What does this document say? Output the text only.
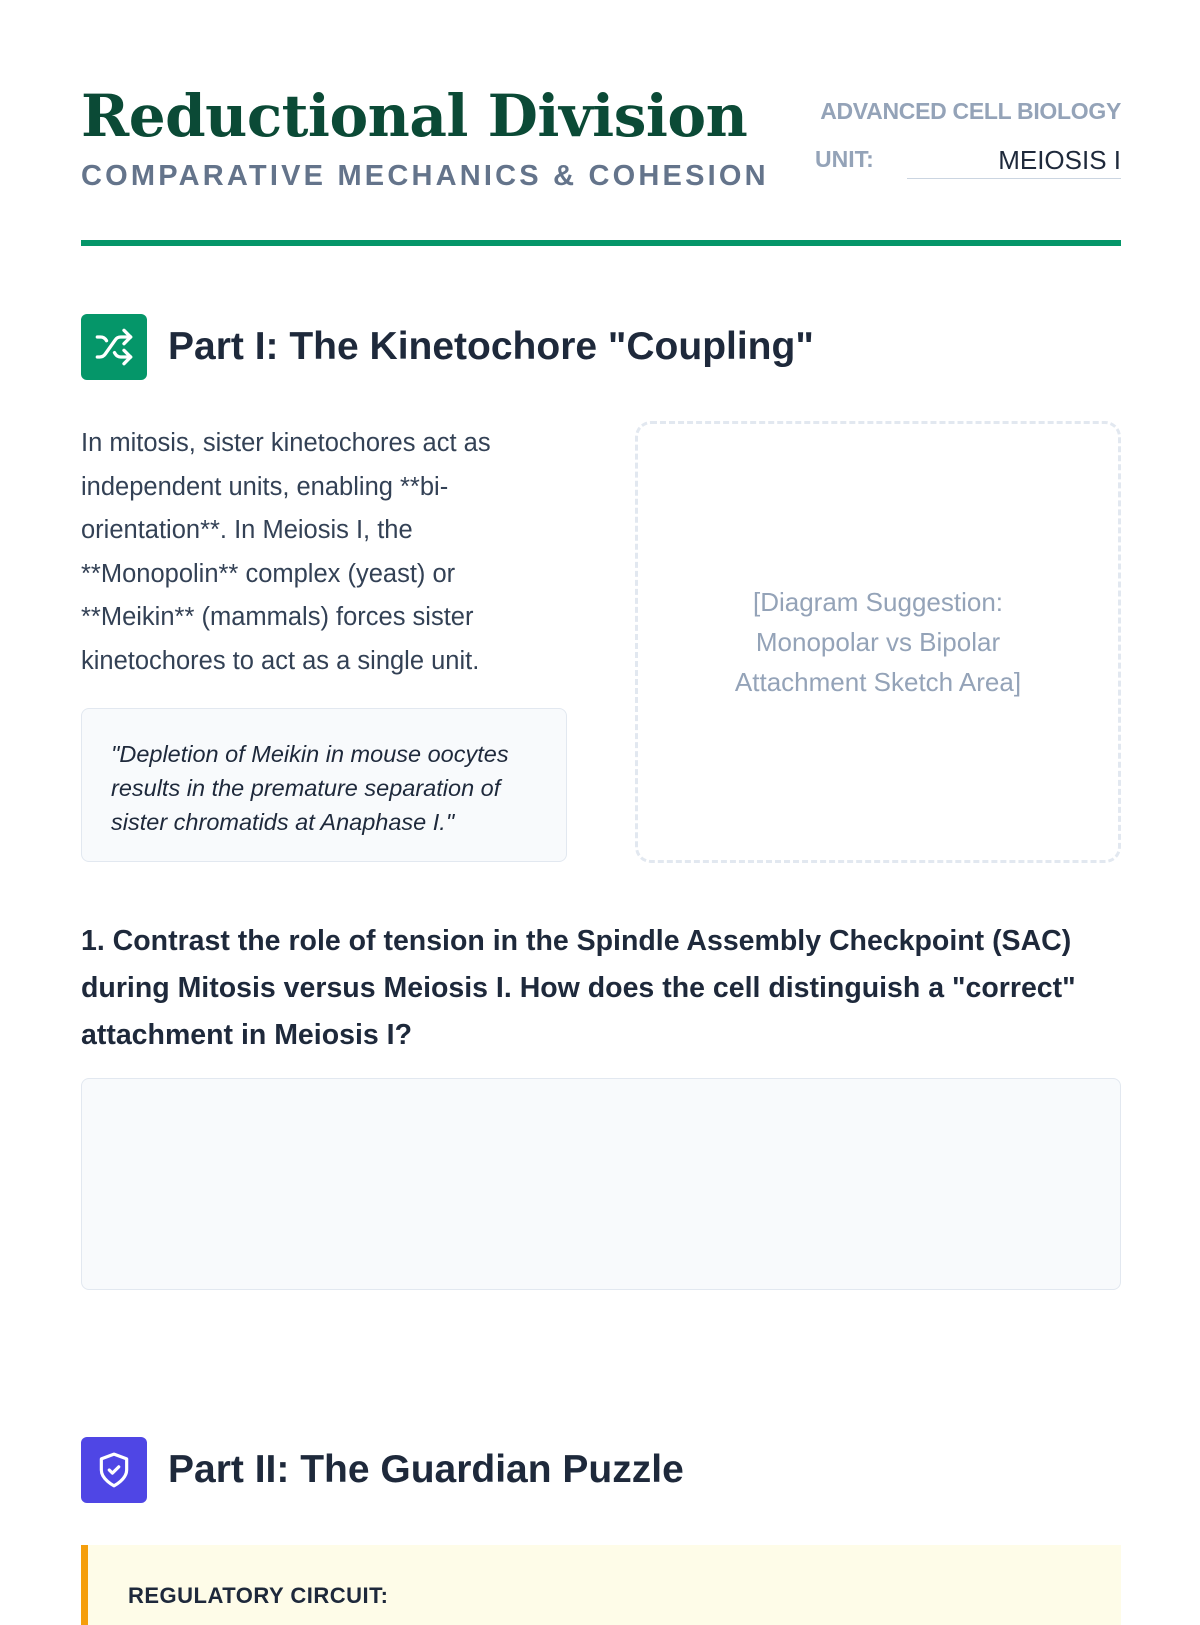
Reductional Division
COMPARATIVE MECHANICS & COHESION
ADVANCED CELL BIOLOGY
UNIT:	MEIOSIS I
Part I: The Kinetochore "Coupling"
In mitosis, sister kinetochores act as independent units, enabling **bi-orientation**. In Meiosis I, the **Monopolin** complex (yeast) or **Meikin** (mammals) forces sister kinetochores to act as a single unit.
"Depletion of Meikin in mouse oocytes results in the premature separation of sister chromatids at Anaphase I."
[Diagram Suggestion: Monopolar vs Bipolar Attachment Sketch Area]
1. Contrast the role of tension in the Spindle Assembly Checkpoint (SAC) during Mitosis versus Meiosis I. How does the cell distinguish a "correct" attachment in Meiosis I?
Part II: The Guardian Puzzle
REGULATORY CIRCUIT:
